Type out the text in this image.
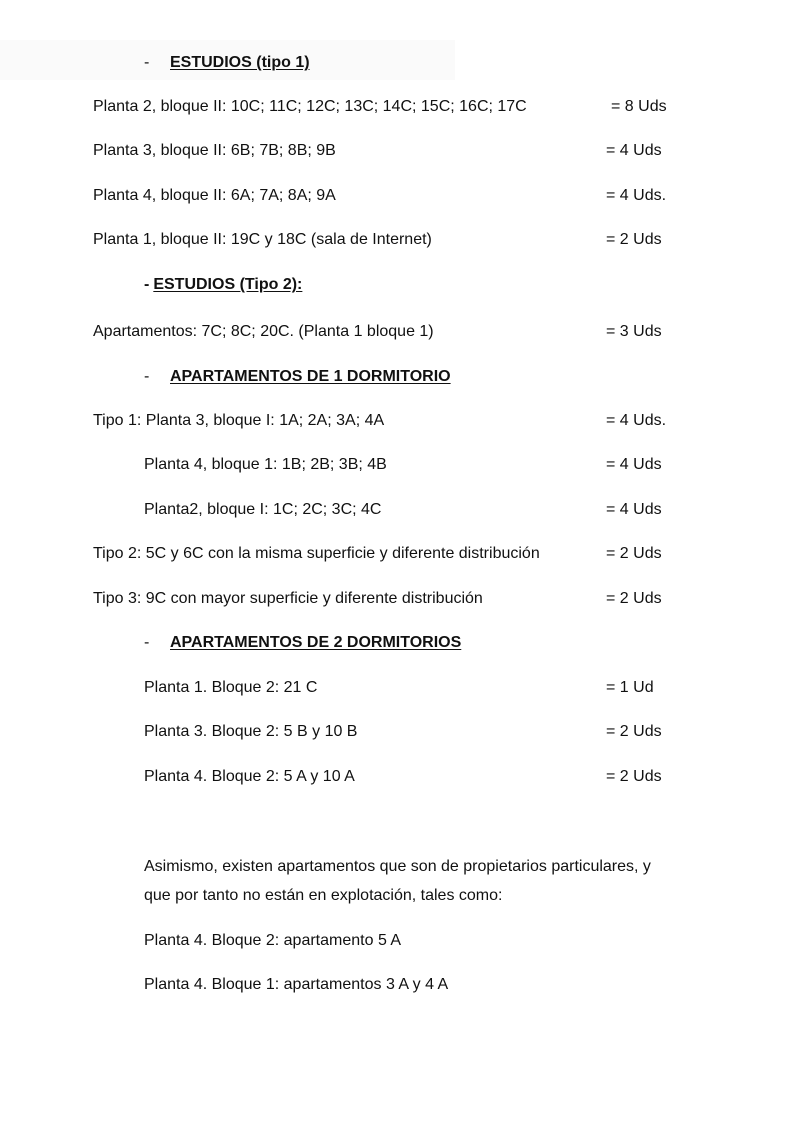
- ESTUDIOS (tipo 1)
Planta 2, bloque II: 10C; 11C; 12C; 13C; 14C; 15C; 16C; 17C	= 8 Uds
Planta 3, bloque II: 6B; 7B; 8B; 9B	= 4 Uds
Planta 4, bloque II: 6A; 7A; 8A; 9A	= 4 Uds.
Planta 1, bloque II: 19C y 18C (sala de Internet)	= 2 Uds
- ESTUDIOS (Tipo 2):
Apartamentos: 7C; 8C; 20C. (Planta 1 bloque 1)	= 3 Uds
- APARTAMENTOS DE 1 DORMITORIO
Tipo 1: Planta 3, bloque I: 1A; 2A; 3A; 4A	= 4 Uds.
Planta 4, bloque 1: 1B; 2B; 3B; 4B	= 4 Uds
Planta2, bloque I: 1C; 2C; 3C; 4C	= 4 Uds
Tipo 2: 5C y 6C con la misma superficie y diferente distribución	= 2 Uds
Tipo 3: 9C con mayor superficie y diferente distribución	= 2 Uds
- APARTAMENTOS DE 2 DORMITORIOS
Planta 1. Bloque 2: 21 C	= 1 Ud
Planta 3. Bloque 2: 5 B y 10 B	= 2 Uds
Planta 4. Bloque 2: 5 A y 10 A	= 2 Uds
Asimismo, existen apartamentos que son de propietarios particulares, y
que por tanto no están en explotación, tales como:
Planta 4. Bloque 2: apartamento 5 A
Planta 4. Bloque 1: apartamentos 3 A y 4 A
